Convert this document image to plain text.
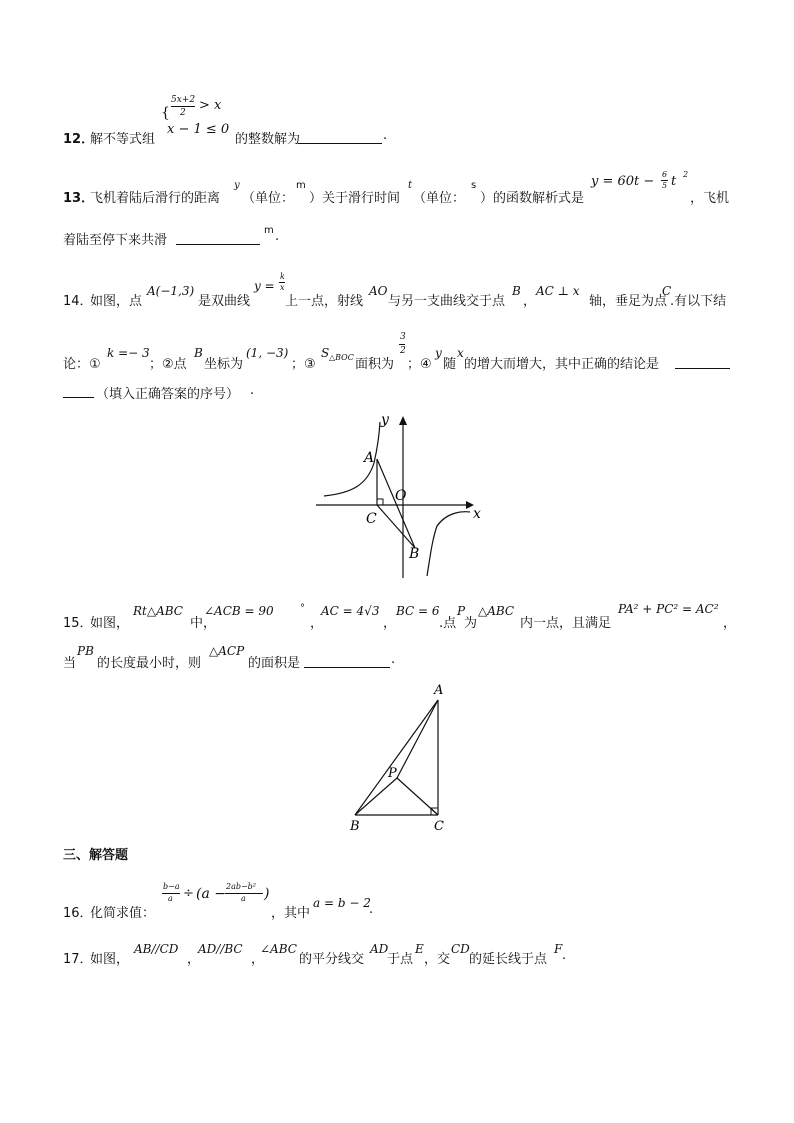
{
5x+2
2 > x
x − 1 ≤ 0
12．
解不等式组	的整数解为	.
13．
飞机着陆后滑行的距离
y
（单位：
m
）关于滑行时间
t
（单位：
s
）的函数解析式是
y = 60t − 6
5 t 2
，飞机
着陆至停下来共滑
m .
14．
如图，点
A(−1,3)
是双曲线
y =
k
x
上一点，射线
AO
与另一支曲线交于点
B
，
AC ⊥ x
轴，垂足为点
C
.有以下结
论：①
k =− 3
；②点
B
坐标为
(1, −3)
；③
S △BOC 面积为
3
2
；④
y
随
x
的增大而增大，其中正确的结论是
（填入正确答案的序号） .
A
C
O
B
x
y
15．
如图，
Rt△ABC
中，
∠ACB = 90	°
，
AC = 4√3
，
BC = 6
.点
P
为
△ABC
内一点，且满足
PA² + PC² = AC²
，
当
PB
的长度最小时，则
△ACP
的面积是	.
A
P
B	C
三、解答题
16．
化简求值：
b−a
a ÷ (a − 2ab−b²
a )
，其中
a = b − 2
.
17．
如图，
AB//CD
，
AD//BC
，
∠ABC
的平分线交
AD
于点
E
，交
CD
的延长线于点
F .
